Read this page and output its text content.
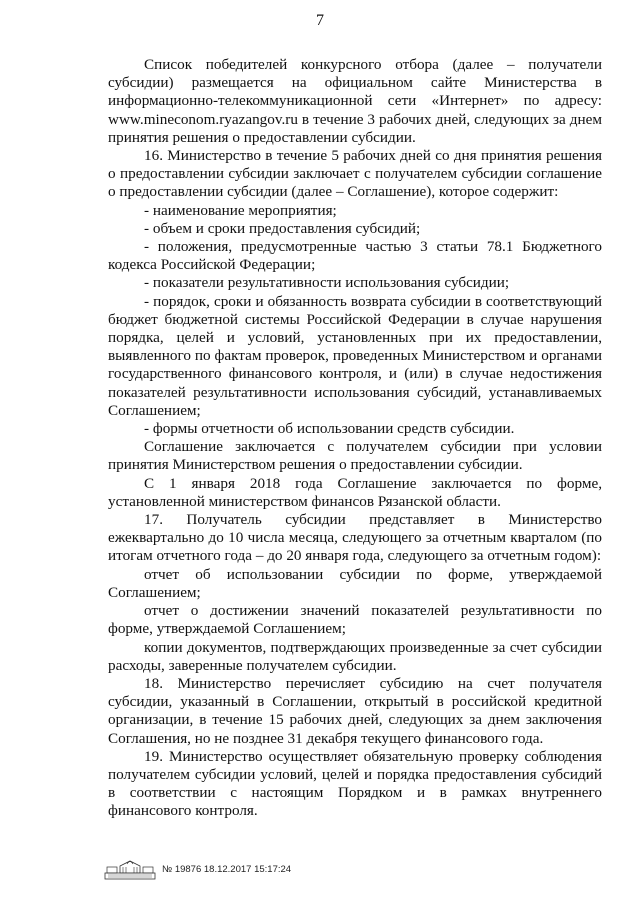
7

Список победителей конкурсного отбора (далее – получатели субсидии) размещается на официальном сайте Министерства в информационно-телекоммуникационной сети «Интернет» по адресу: www.mineconom.ryazangov.ru в течение 3 рабочих дней, следующих за днем принятия решения о предоставлении субсидии.

16. Министерство в течение 5 рабочих дней со дня принятия решения о предоставлении субсидии заключает с получателем субсидии соглашение о предоставлении субсидии (далее – Соглашение), которое содержит:

- наименование мероприятия;

- объем и сроки предоставления субсидий;

- положения, предусмотренные частью 3 статьи 78.1 Бюджетного кодекса Российской Федерации;

- показатели результативности использования субсидии;

- порядок, сроки и обязанность возврата субсидии в соответствующий бюджет бюджетной системы Российской Федерации в случае нарушения порядка, целей и условий, установленных при их предоставлении, выявленного по фактам проверок, проведенных Министерством и органами государственного финансового контроля, и (или) в случае недостижения показателей результативности использования субсидий, устанавливаемых Соглашением;

- формы отчетности об использовании средств субсидии.

Соглашение заключается с получателем субсидии при условии принятия Министерством решения о предоставлении субсидии.

С 1 января 2018 года Соглашение заключается по форме, установленной министерством финансов Рязанской области.

17. Получатель субсидии представляет в Министерство ежеквартально до 10 числа месяца, следующего за отчетным кварталом (по итогам отчетного года – до 20 января года, следующего за отчетным годом):

отчет об использовании субсидии по форме, утверждаемой Соглашением;

отчет о достижении значений показателей результативности по форме, утверждаемой Соглашением;

копии документов, подтверждающих произведенные за счет субсидии расходы, заверенные получателем субсидии.

18. Министерство перечисляет субсидию на счет получателя субсидии, указанный в Соглашении, открытый в российской кредитной организации, в течение 15 рабочих дней, следующих за днем заключения Соглашения, но не позднее 31 декабря текущего финансового года.

19. Министерство осуществляет обязательную проверку соблюдения получателем субсидии условий, целей и порядка предоставления субсидий в соответствии с настоящим Порядком и в рамках внутреннего финансового контроля.

№ 19876 18.12.2017 15:17:24
